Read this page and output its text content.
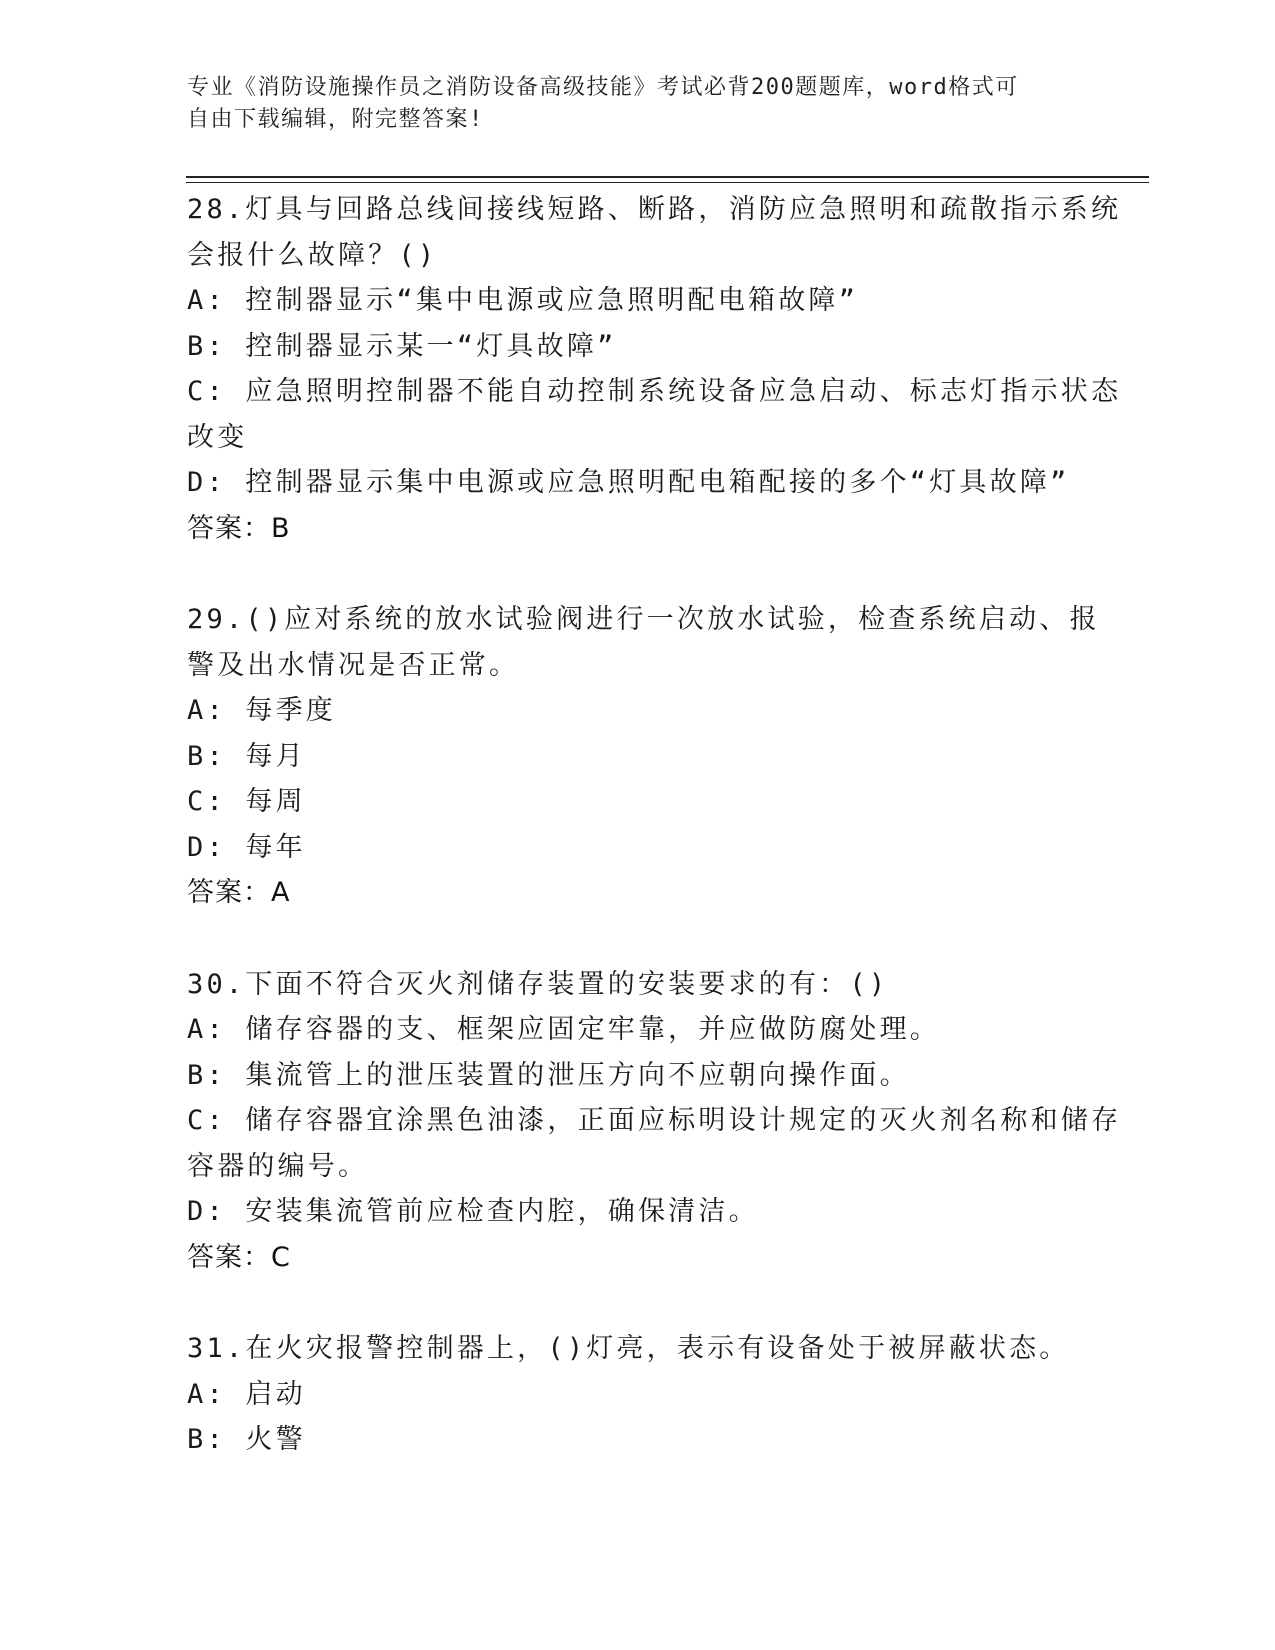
专业《消防设施操作员之消防设备高级技能》考试必背200题题库，word格式可
自由下载编辑，附完整答案!
28.灯具与回路总线间接线短路、断路，消防应急照明和疏散指示系统
会报什么故障？()
A: 控制器显示“集中电源或应急照明配电箱故障”
B: 控制器显示某一“灯具故障”
C: 应急照明控制器不能自动控制系统设备应急启动、标志灯指示状态
改变
D: 控制器显示集中电源或应急照明配电箱配接的多个“灯具故障”
答案：B
29.()应对系统的放水试验阀进行一次放水试验，检查系统启动、报
警及出水情况是否正常。
A: 每季度
B: 每月
C: 每周
D: 每年
答案：A
30.下面不符合灭火剂储存装置的安装要求的有：()
A: 储存容器的支、框架应固定牢靠，并应做防腐处理。
B: 集流管上的泄压装置的泄压方向不应朝向操作面。
C: 储存容器宜涂黑色油漆，正面应标明设计规定的灭火剂名称和储存
容器的编号。
D: 安装集流管前应检查内腔，确保清洁。
答案：C
31.在火灾报警控制器上，()灯亮，表示有设备处于被屏蔽状态。
A: 启动
B: 火警
